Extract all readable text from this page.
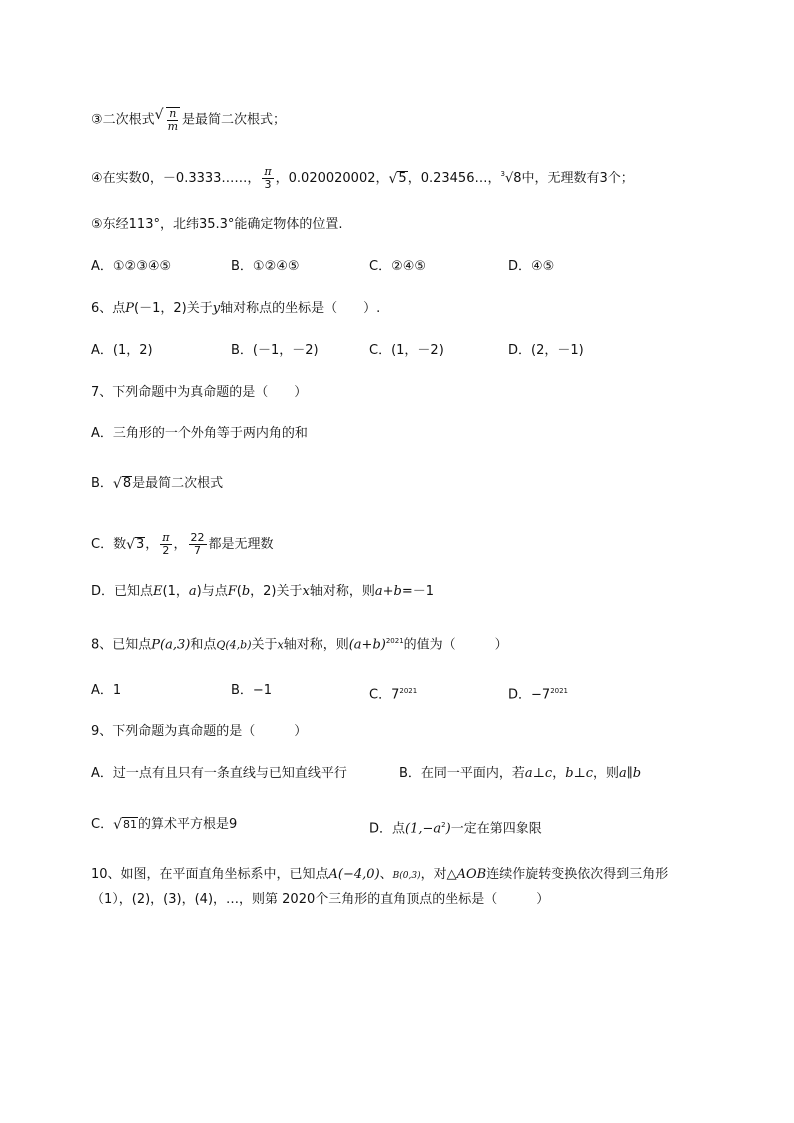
③二次根式 √ $\frac{n}{m}$ 是最简二次根式；
④在实数0，－0.3333……， $\frac{\pi}{3}$ ，0.020020002， √ 5 ，0.23456…， 3 √ 8 中，无理数有3个；
⑤东经113°，北纬35.3°能确定物体的位置.
A．①②③④⑤	B．①②④⑤	C．②④⑤	D．④⑤
6、点P(－1，2)关于y轴对称点的坐标是（　　）.
A．(1，2)	B．(－1，－2)	C．(1，－2)	D．(2，－1)
7、下列命题中为真命题的是（　　）
A．三角形的一个外角等于两内角的和
B． √ 8 是最简二次根式
C．数 √ 3 ， $\frac{\pi}{2}$ ， $\frac{22}{7}$ 都是无理数
D．已知点E(1，a)与点F(b，2)关于x轴对称，则a+b=－1
8、已知点P(a,3)和点Q(4,b)关于x轴对称，则$(a+b)^{2021}$的值为（　　　）
A．1	B．−1	C．$7^{2021}$	D．$-7^{2021}$
9、下列命题为真命题的是（　　　）
A．过一点有且只有一条直线与已知直线平行	B．在同一平面内，若a⊥c，b⊥c，则a∥b
C． √ 81 的算术平方根是9	D．点$(1,-a^2)$一定在第四象限
10、如图，在平面直角坐标系中，已知点A(−4,0)、B(0,3)，对△AOB连续作旋转变换依次得到三角形
（1），(2)，(3)，(4)，…，则第 2020个三角形的直角顶点的坐标是（　　　）
